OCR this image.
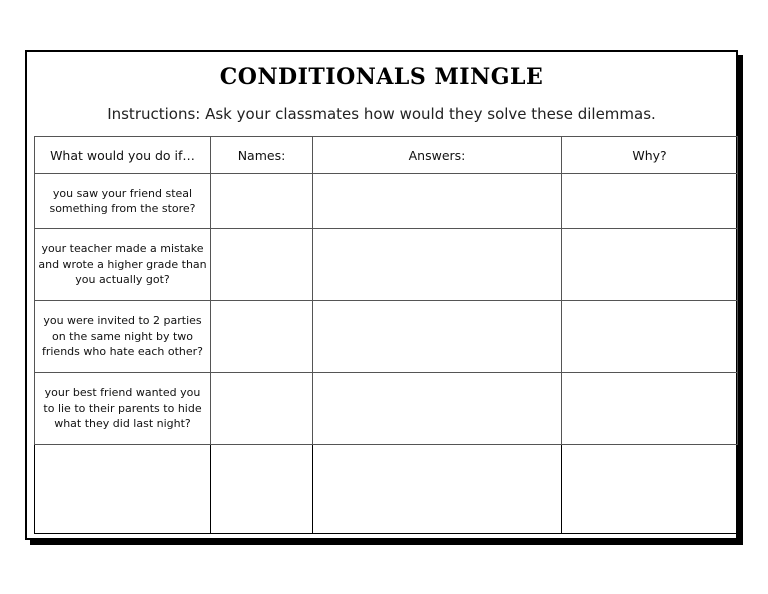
CONDITIONALS MINGLE
Instructions: Ask your classmates how would they solve these dilemmas.
What would you do if…	Names:	Answers:	Why?
you saw your friend steal something from the store?			
your teacher made a mistake and wrote a higher grade than you actually got?			
you were invited to 2 parties on the same night by two friends who hate each other?			
your best friend wanted you to lie to their parents to hide what they did last night?			
